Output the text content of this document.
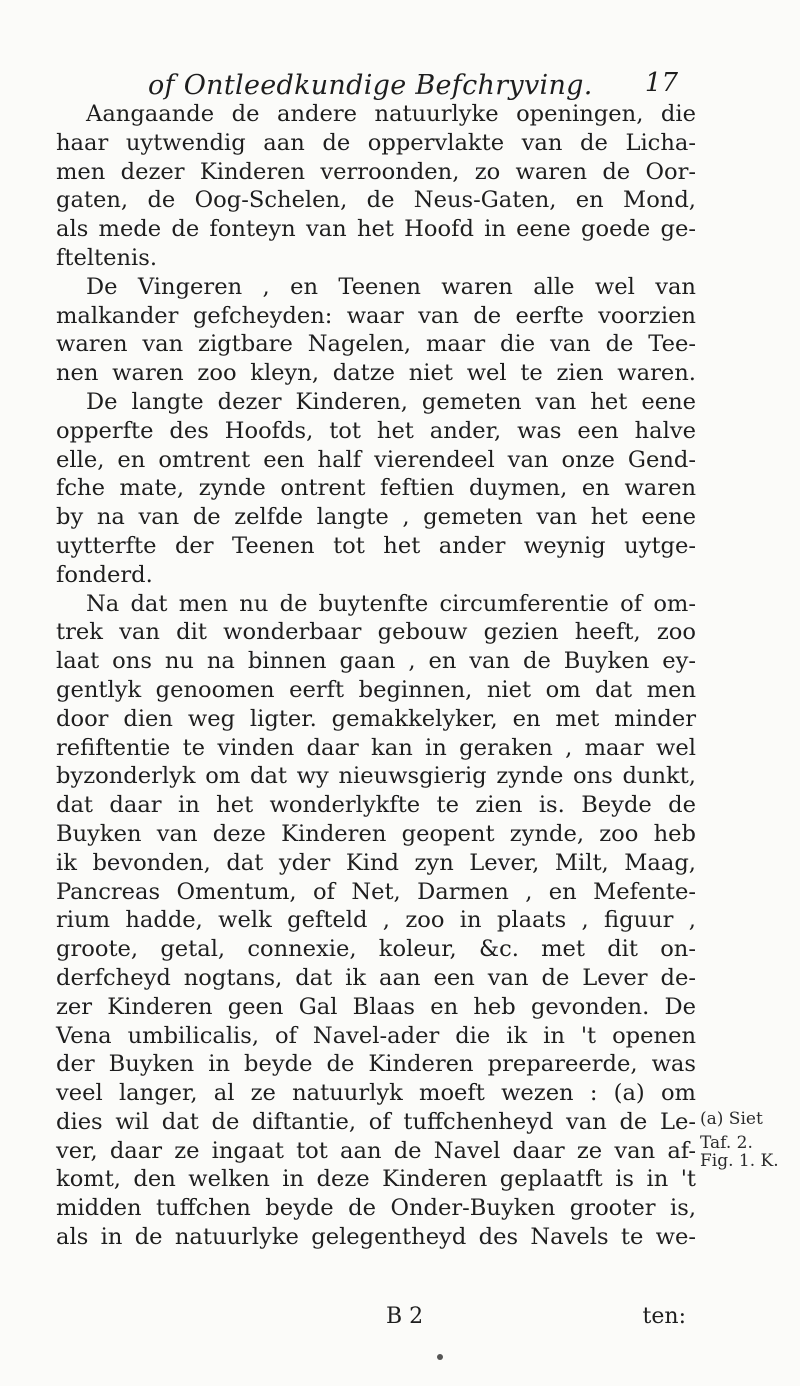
of Ontleedkundige Befchryving. 17
Aangaande de andere natuurlyke openingen, die
haar uytwendig aan de oppervlakte van de Licha-
men dezer Kinderen verroonden, zo waren de Oor-
gaten, de Oog-Schelen, de Neus-Gaten, en Mond,
als mede de fonteyn van het Hoofd in eene goede ge-
fteltenis.
De Vingeren , en Teenen waren alle wel van
malkander gefcheyden: waar van de eerfte voorzien
waren van zigtbare Nagelen, maar die van de Tee-
nen waren zoo kleyn, datze niet wel te zien waren.
De langte dezer Kinderen, gemeten van het eene
opperfte des Hoofds, tot het ander, was een halve
elle, en omtrent een half vierendeel van onze Gend-
fche mate, zynde ontrent feftien duymen, en waren
by na van de zelfde langte , gemeten van het eene
uytterfte der Teenen tot het ander weynig uytge-
fonderd.
Na dat men nu de buytenfte circumferentie of om-
trek van dit wonderbaar gebouw gezien heeft, zoo
laat ons nu na binnen gaan , en van de Buyken ey-
gentlyk genoomen eerft beginnen, niet om dat men
door dien weg ligter. gemakkelyker, en met minder
refiftentie te vinden daar kan in geraken , maar wel
byzonderlyk om dat wy nieuwsgierig zynde ons dunkt,
dat daar in het wonderlykfte te zien is. Beyde de
Buyken van deze Kinderen geopent zynde, zoo heb
ik bevonden, dat yder Kind zyn Lever, Milt, Maag,
Pancreas Omentum, of Net, Darmen , en Mefente-
rium hadde, welk gefteld , zoo in plaats , figuur ,
groote, getal, connexie, koleur, &c. met dit on-
derfcheyd nogtans, dat ik aan een van de Lever de-
zer Kinderen geen Gal Blaas en heb gevonden. De
Vena umbilicalis, of Navel-ader die ik in 't openen
der Buyken in beyde de Kinderen prepareerde, was
veel langer, al ze natuurlyk moeft wezen : (a) om
dies wil dat de diftantie, of tuffchenheyd van de Le-
ver, daar ze ingaat tot aan de Navel daar ze van af-
komt, den welken in deze Kinderen geplaatft is in 't
midden tuffchen beyde de Onder-Buyken grooter is,
als in de natuurlyke gelegentheyd des Navels te we-
(a) Siet
Taf. 2.
Fig. 1. K.
B 2	ten:
